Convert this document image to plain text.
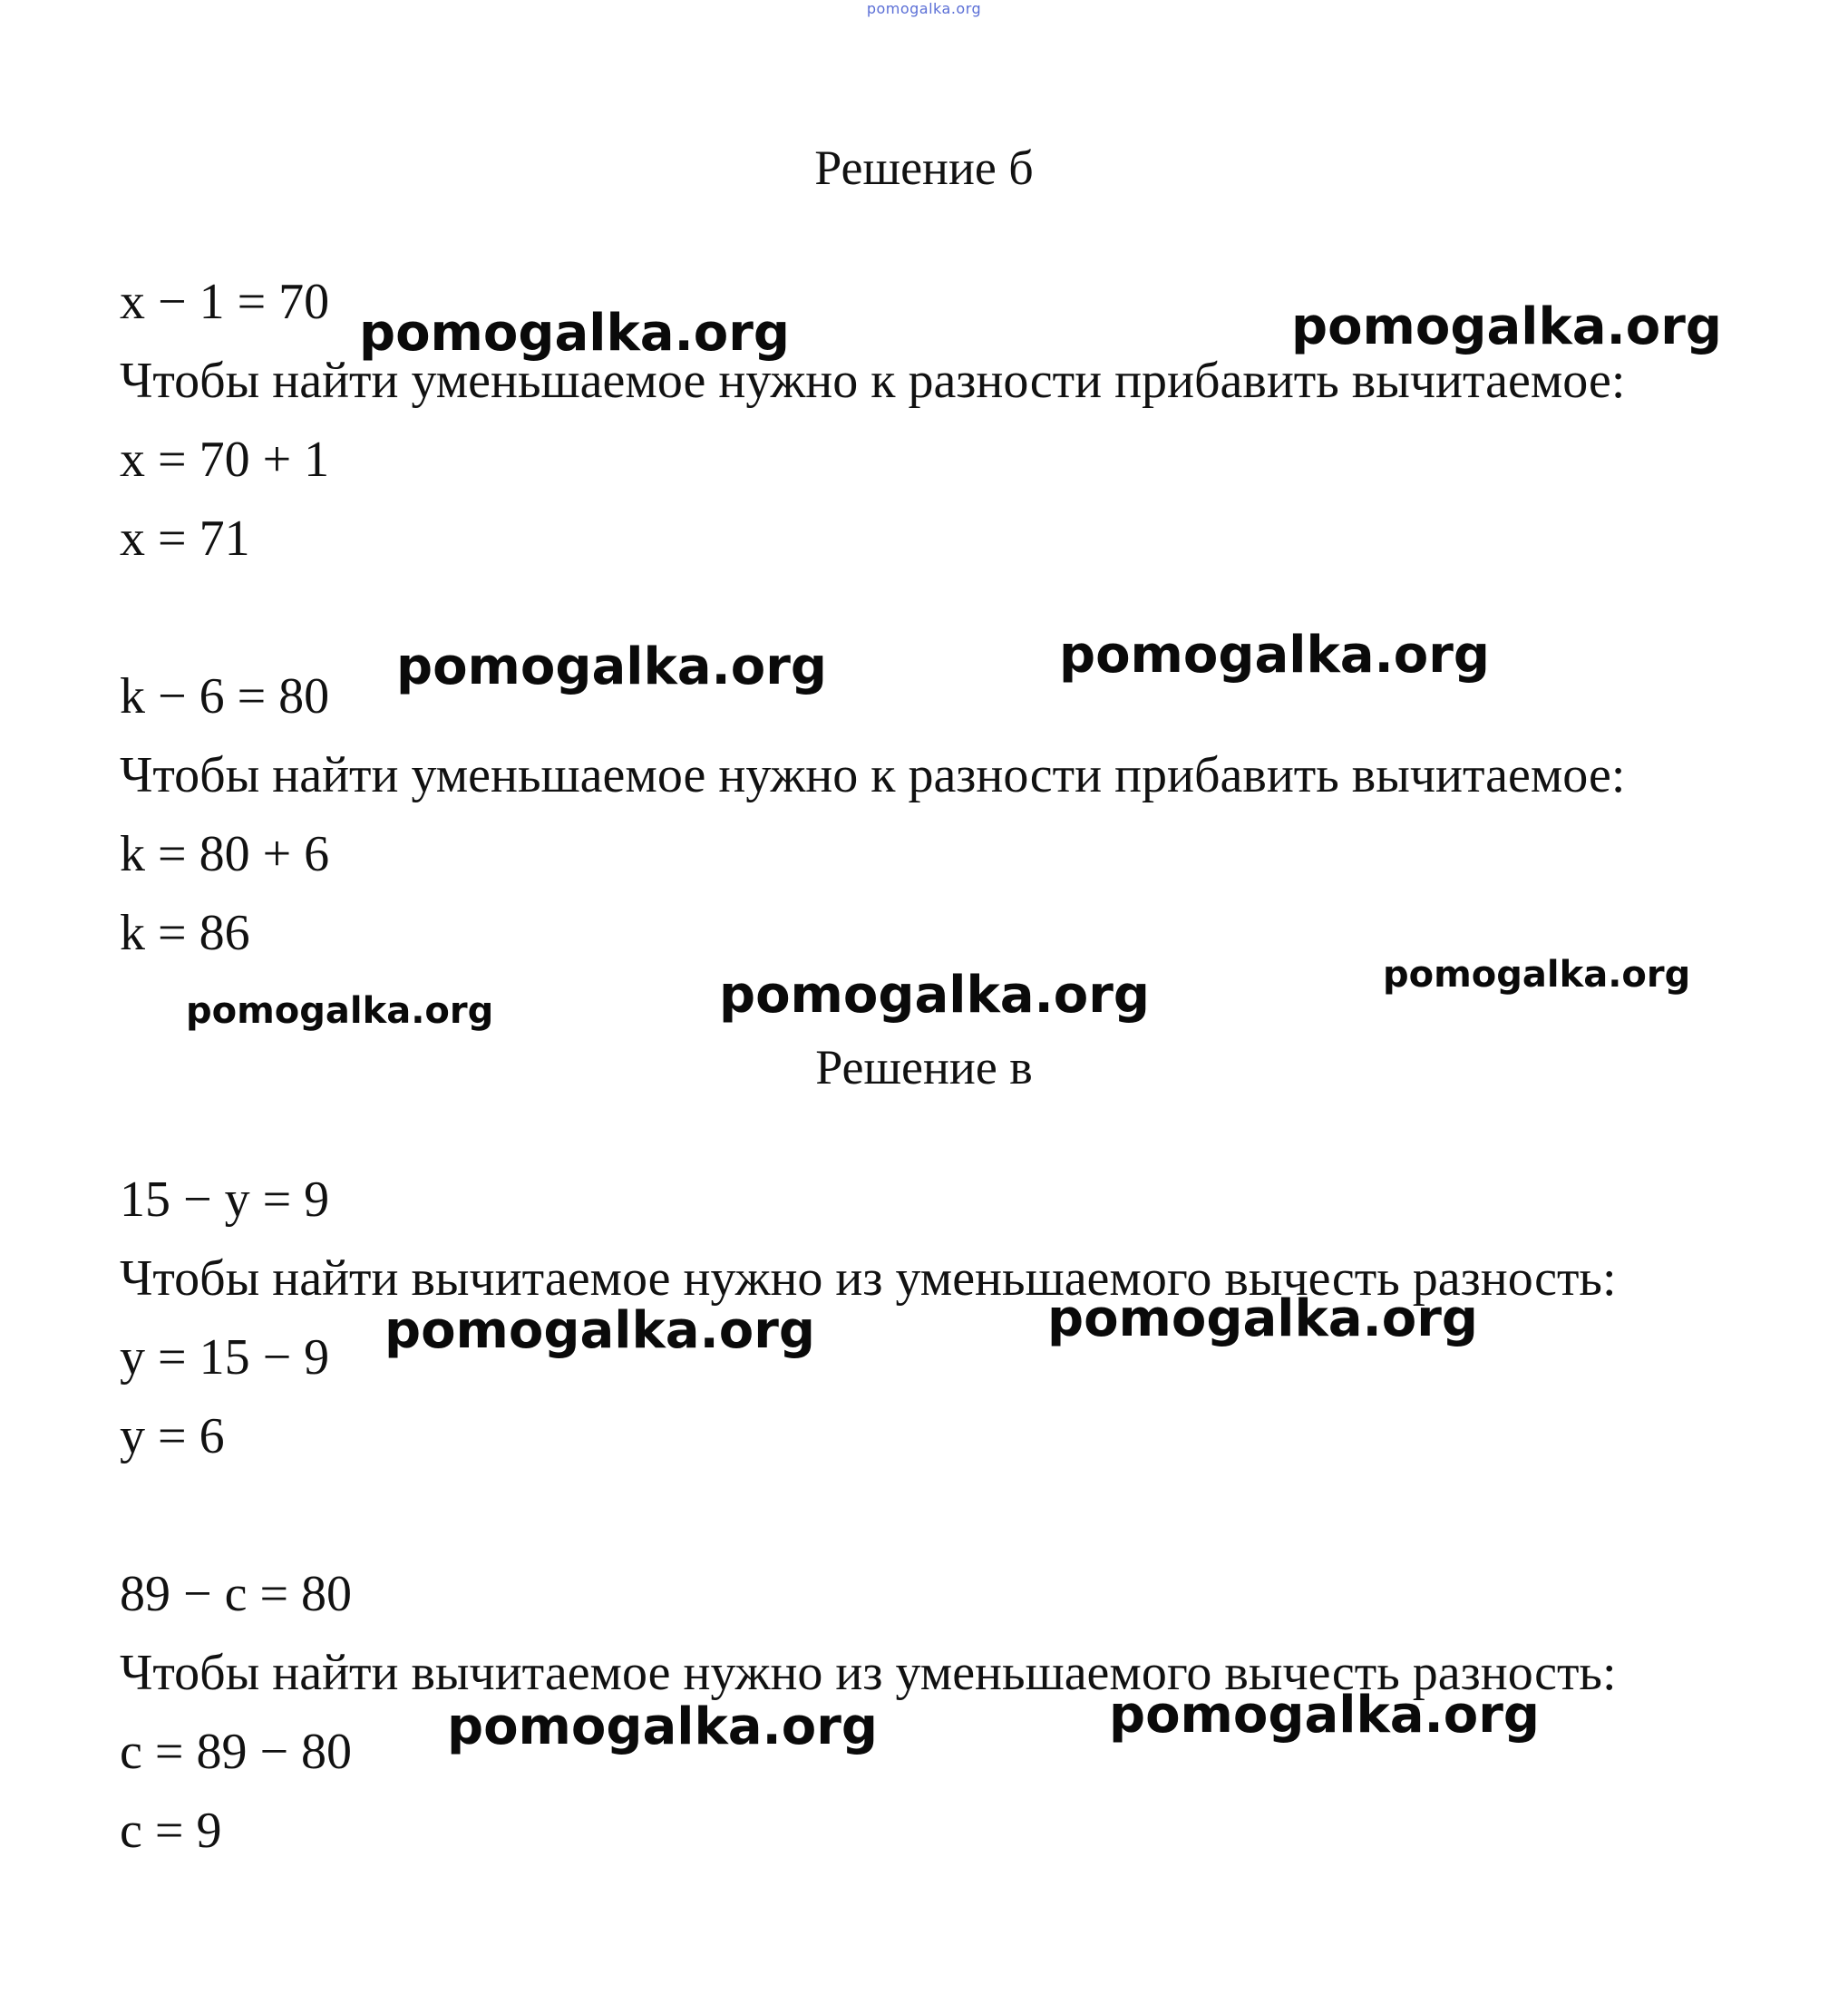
pomogalka.org
Решение б
x − 1 = 70
Чтобы найти уменьшаемое нужно к разности прибавить вычитаемое:
x = 70 + 1
x = 71
k − 6 = 80
Чтобы найти уменьшаемое нужно к разности прибавить вычитаемое:
k = 80 + 6
k = 86
Решение в
15 − y = 9
Чтобы найти вычитаемое нужно из уменьшаемого вычесть разность:
y = 15 − 9
y = 6
89 − c = 80
Чтобы найти вычитаемое нужно из уменьшаемого вычесть разность:
c = 89 − 80
c = 9
pomogalka.org	pomogalka.org
pomogalka.org	pomogalka.org
pomogalka.org
pomogalka.org
pomogalka.org
pomogalka.org	pomogalka.org
pomogalka.org	pomogalka.org
